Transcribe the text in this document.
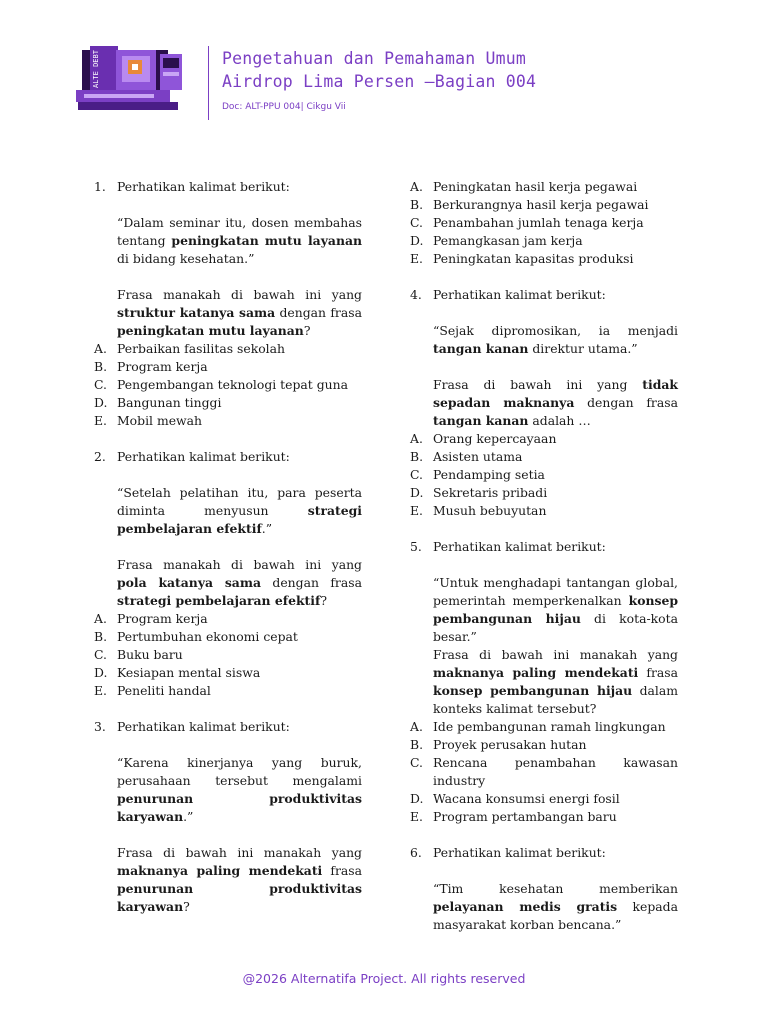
ALTE DEBT 2026	Pengetahuan dan Pemahaman Umum
Airdrop Lima Persen –Bagian 004
Doc: ALT-PPU 004| Cikgu Vii
1. Perhatikan kalimat berikut:
“Dalam seminar itu, dosen membahas tentang peningkatan mutu layanan di bidang kesehatan.”
Frasa manakah di bawah ini yang struktur katanya sama dengan frasa peningkatan mutu layanan?
A. Perbaikan fasilitas sekolah
B. Program kerja
C. Pengembangan teknologi tepat guna
D. Bangunan tinggi
E. Mobil mewah
2. Perhatikan kalimat berikut:
“Setelah pelatihan itu, para peserta diminta menyusun strategi pembelajaran efektif.”
Frasa manakah di bawah ini yang pola katanya sama dengan frasa strategi pembelajaran efektif?
A. Program kerja
B. Pertumbuhan ekonomi cepat
C. Buku baru
D. Kesiapan mental siswa
E. Peneliti handal
3. Perhatikan kalimat berikut:
“Karena kinerjanya yang buruk, perusahaan tersebut mengalami penurunan produktivitas karyawan.”
Frasa di bawah ini manakah yang maknanya paling mendekati frasa penurunan produktivitas karyawan?
A. Peningkatan hasil kerja pegawai
B. Berkurangnya hasil kerja pegawai
C. Penambahan jumlah tenaga kerja
D. Pemangkasan jam kerja
E. Peningkatan kapasitas produksi
4. Perhatikan kalimat berikut:
“Sejak dipromosikan, ia menjadi tangan kanan direktur utama.”
Frasa di bawah ini yang tidak sepadan maknanya dengan frasa tangan kanan adalah …
A. Orang kepercayaan
B. Asisten utama
C. Pendamping setia
D. Sekretaris pribadi
E. Musuh bebuyutan
5. Perhatikan kalimat berikut:
“Untuk menghadapi tantangan global, pemerintah memperkenalkan konsep pembangunan hijau di kota-kota besar.”
Frasa di bawah ini manakah yang maknanya paling mendekati frasa konsep pembangunan hijau dalam konteks kalimat tersebut?
A. Ide pembangunan ramah lingkungan
B. Proyek perusakan hutan
C. Rencana penambahan kawasan industry
D. Wacana konsumsi energi fosil
E. Program pertambangan baru
6. Perhatikan kalimat berikut:
“Tim kesehatan memberikan pelayanan medis gratis kepada masyarakat korban bencana.”
@2026 Alternatifa Project. All rights reserved
